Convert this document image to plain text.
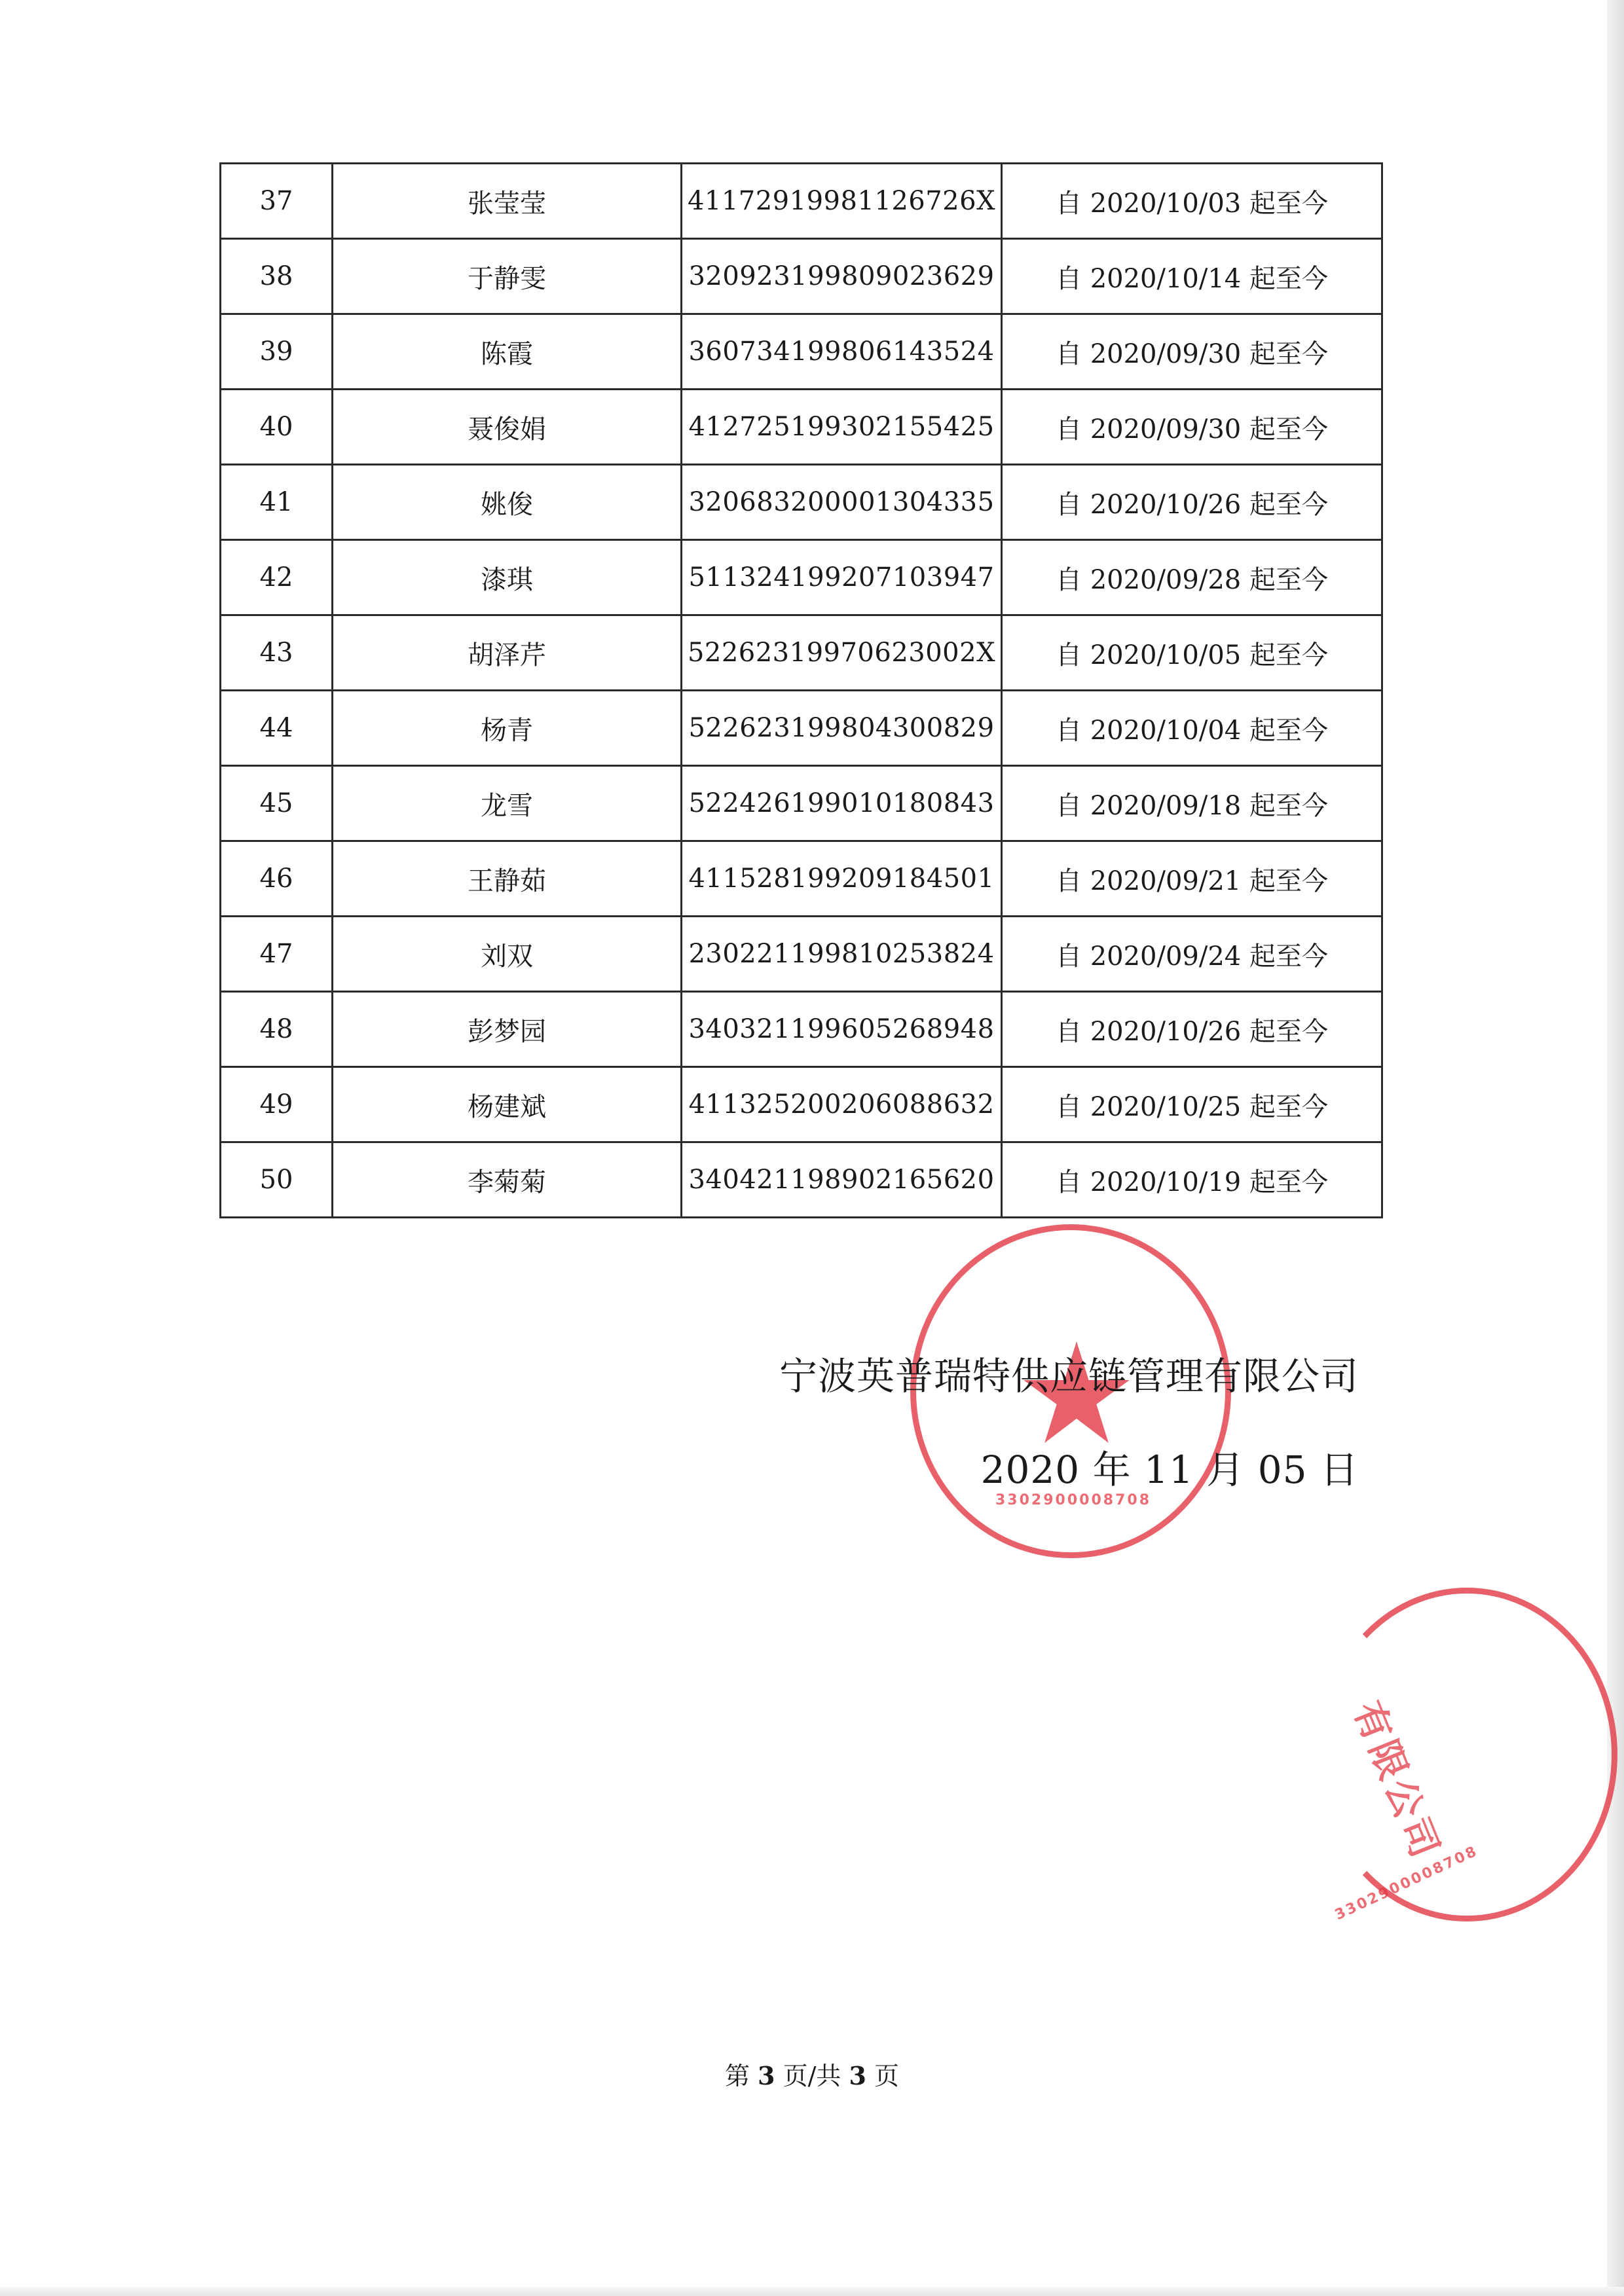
37	张莹莹	41172919981126726X	自 2020/10/03 起至今
38	于静雯	320923199809023629	自 2020/10/14 起至今
39	陈霞	360734199806143524	自 2020/09/30 起至今
40	聂俊娟	412725199302155425	自 2020/09/30 起至今
41	姚俊	320683200001304335	自 2020/10/26 起至今
42	漆琪	511324199207103947	自 2020/09/28 起至今
43	胡泽芹	52262319970623002X	自 2020/10/05 起至今
44	杨青	522623199804300829	自 2020/10/04 起至今
45	龙雪	522426199010180843	自 2020/09/18 起至今
46	王静茹	411528199209184501	自 2020/09/21 起至今
47	刘双	230221199810253824	自 2020/09/24 起至今
48	彭梦园	340321199605268948	自 2020/10/26 起至今
49	杨建斌	411325200206088632	自 2020/10/25 起至今
50	李菊菊	340421198902165620	自 2020/10/19 起至今
3302900008708
有限公司
3302900008708
宁波英普瑞特供应链管理有限公司
2020 年 11 月 05 日
第 3 页/共 3 页
